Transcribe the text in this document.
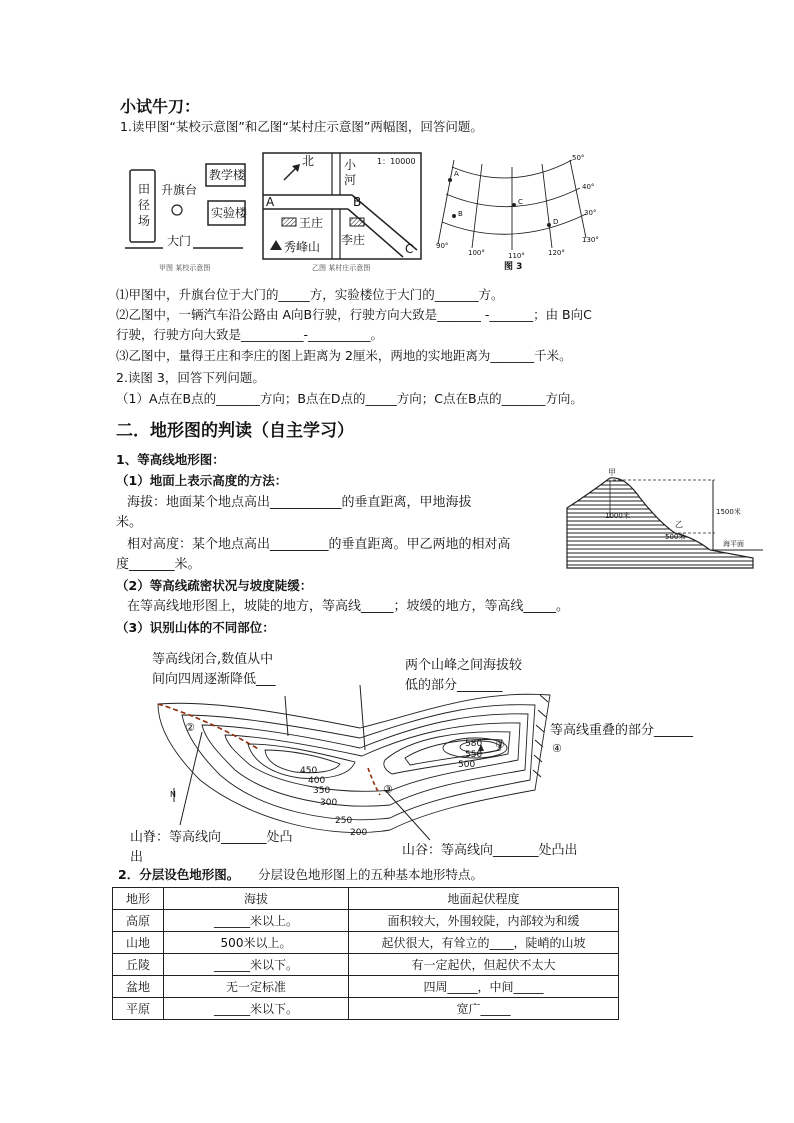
小试牛刀：
1.读甲图“某校示意图”和乙图“某村庄示意图”两幅图，回答问题。
田
径
场
升旗台
教学楼
实验楼
大门
甲图 某校示意图
北	1：10000
小
河
A	B
C
王庄
李庄
秀峰山
乙图 某村庄示意图
50°
40°
30°
90°
100°	110°	120°
130°
A
B
C
D
图 3
⑴甲图中，升旗台位于大门的_____方，实验楼位于大门的_______方。
⑵乙图中，一辆汽车沿公路由 A向B行驶，行驶方向大致是_______ -_______；由 B向C
行驶，行驶方向大致是__________-__________。
⑶乙图中，量得王庄和李庄的图上距离为 2厘米，两地的实地距离为_______千米。
2.读图 3，回答下列问题。
（1）A点在B点的_______方向；B点在D点的_____方向；C点在B点的_______方向。
二．地形图的判读（自主学习）
1、等高线地形图：
（1）地面上表示高度的方法：
海拔：地面某个地点高出___________的垂直距离，甲地海拔
米。
相对高度：某个地点高出_________的垂直距离。甲乙两地的相对高
度_______米。
（2）等高线疏密状况与坡度陡缓：
在等高线地形图上，坡陡的地方，等高线_____；坡缓的地方，等高线_____。
（3）识别山体的不同部位：
甲
乙
1000米	1500米
500米
海平面
等高线闭合,数值从中
间向四周逐渐降低___
两个山峰之间海拔较
低的部分_______
等高线重叠的部分______
山脊：等高线向_______处凸
出	山谷：等高线向_______处凸出
450
400
350
300
250
200
580
550
500
①
②
③
④
N
2．分层设色地形图。 分层设色地形图上的五种基本地形特点。
地形	海拔	地面起伏程度
高原	______米以上。	面积较大，外围较陡，内部较为和缓
山地	500米以上。	起伏很大，有耸立的____，陡峭的山坡
丘陵	______米以下。	有一定起伏，但起伏不太大
盆地	无一定标准	四周_____，中间_____
平原	______米以下。	宽广_____
